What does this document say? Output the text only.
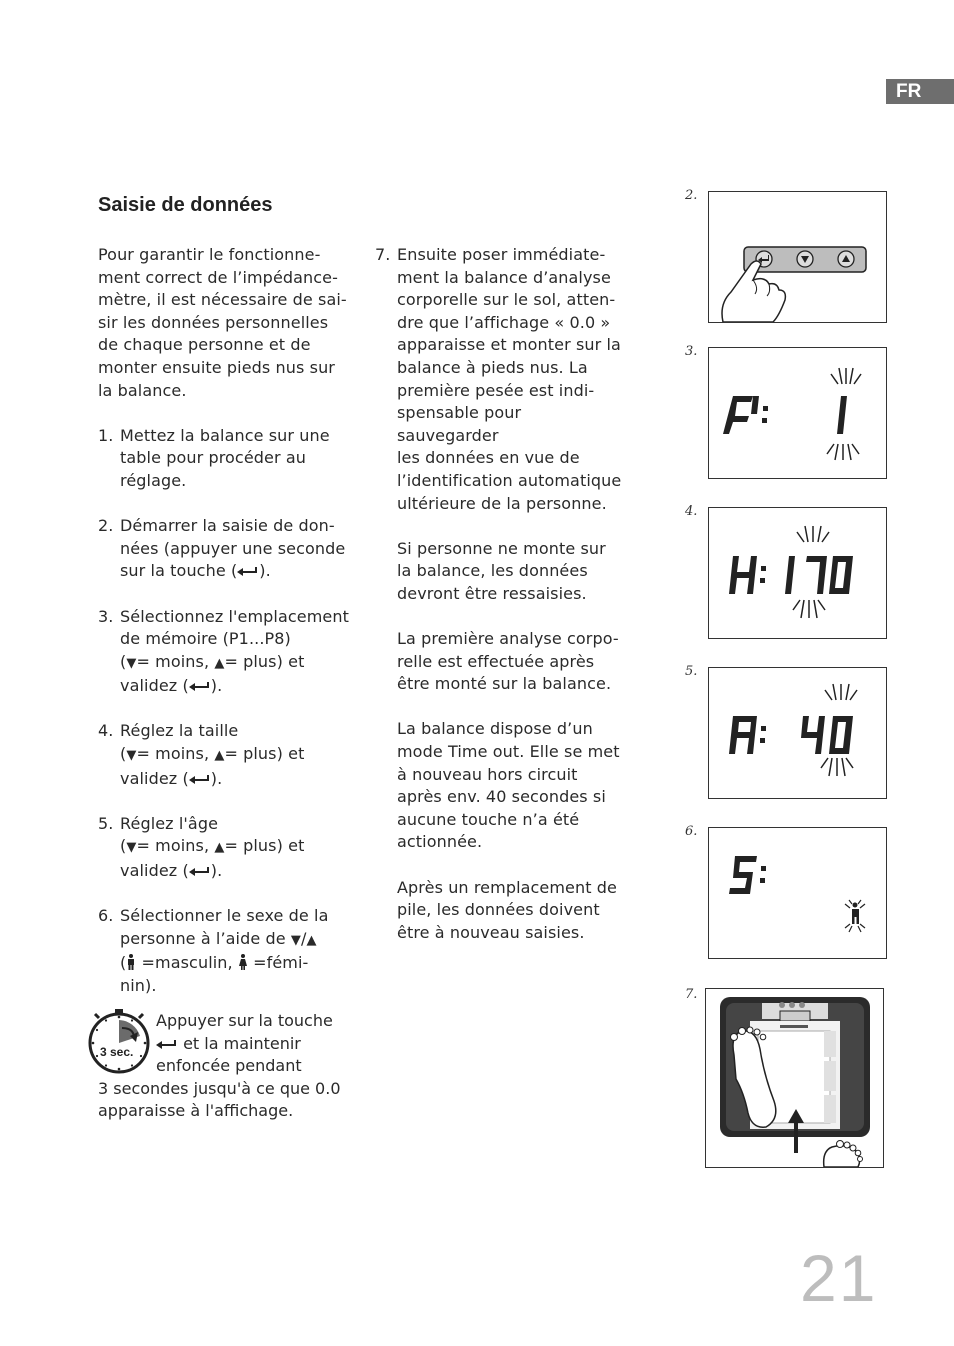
FR
Saisie de données

Pour garantir le fonctionne-
ment correct de l’impédance-
mètre, il est nécessaire de sai-
sir les données personnelles
de chaque personne et de
monter ensuite pieds nus sur
la balance.

1. Mettez la balance sur une
table pour procéder au
réglage.
2. Démarrer la saisie de don-
nées (appuyer une seconde
sur la touche ( ).
3. Sélectionnez l'emplacement
de mémoire (P1...P8)
(▼= moins, ▲= plus) et
validez ( ).
4. Réglez la taille
(▼= moins, ▲= plus) et
validez ( ).
5. Réglez l'âge
(▼= moins, ▲= plus) et
validez ( ).
6. Sélectionner le sexe de la
personne à l’aide de ▼/▲
( =masculin,  =fémi-
nin).
3 sec.
Appuyer sur la touche
et la maintenir
enfoncée pendant
3 secondes jusqu'à ce que 0.0
apparaisse à l'affichage.
7. Ensuite poser immédiate-
ment la balance d’analyse
corporelle sur le sol, atten-
dre que l’affichage « 0.0 »
apparaisse et monter sur la
balance à pieds nus. La
première pesée est indi-
spensable pour sauvegarder
les données en vue de
l’identification automatique
ultérieure de la personne.

Si personne ne monte sur
la balance, les données
devront être ressaisies.

La première analyse corpo-
relle est effectuée après
être monté sur la balance.

La balance dispose d’un
mode Time out. Elle se met
à nouveau hors circuit
après env. 40 secondes si
aucune touche n’a été
actionnée.

Après un remplacement de
pile, les données doivent
être à nouveau saisies.

2.
3.
4.
5.
6.
7.
21
